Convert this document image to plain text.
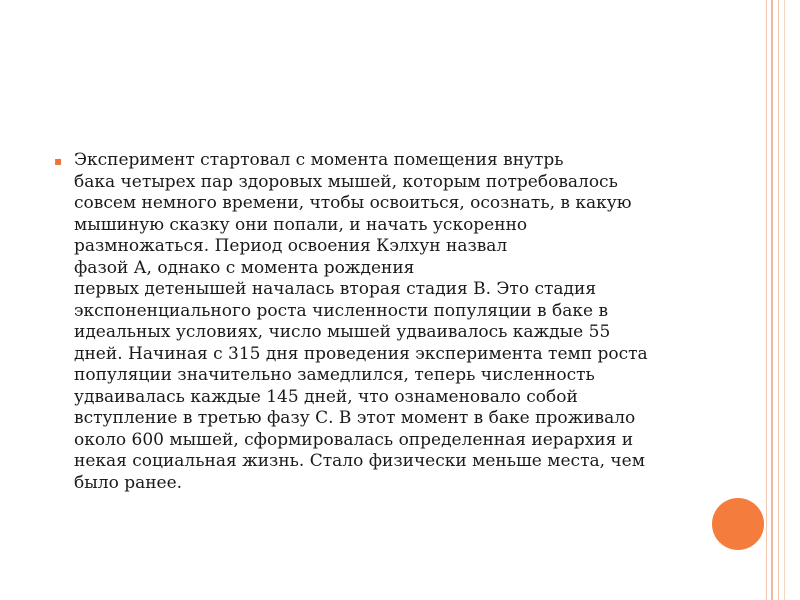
▪ Эксперимент стартовал с момента помещения внутрь
бака четырех пар здоровых мышей, которым потребовалось
совсем немного времени, чтобы освоиться, осознать, в какую
мышиную сказку они попали, и начать ускоренно
размножаться. Период освоения Кэлхун назвал
фазой А, однако с момента рождения
первых детенышей началась вторая стадия B. Это стадия
экспоненциального роста численности популяции в баке в
идеальных условиях, число мышей удваивалось каждые 55
дней. Начиная с 315 дня проведения эксперимента темп роста
популяции значительно замедлился, теперь численность
удваивалась каждые 145 дней, что ознаменовало собой
вступление в третью фазу С. В этот момент в баке проживало
около 600 мышей, сформировалась определенная иерархия и
некая социальная жизнь. Стало физически меньше места, чем
было ранее.
